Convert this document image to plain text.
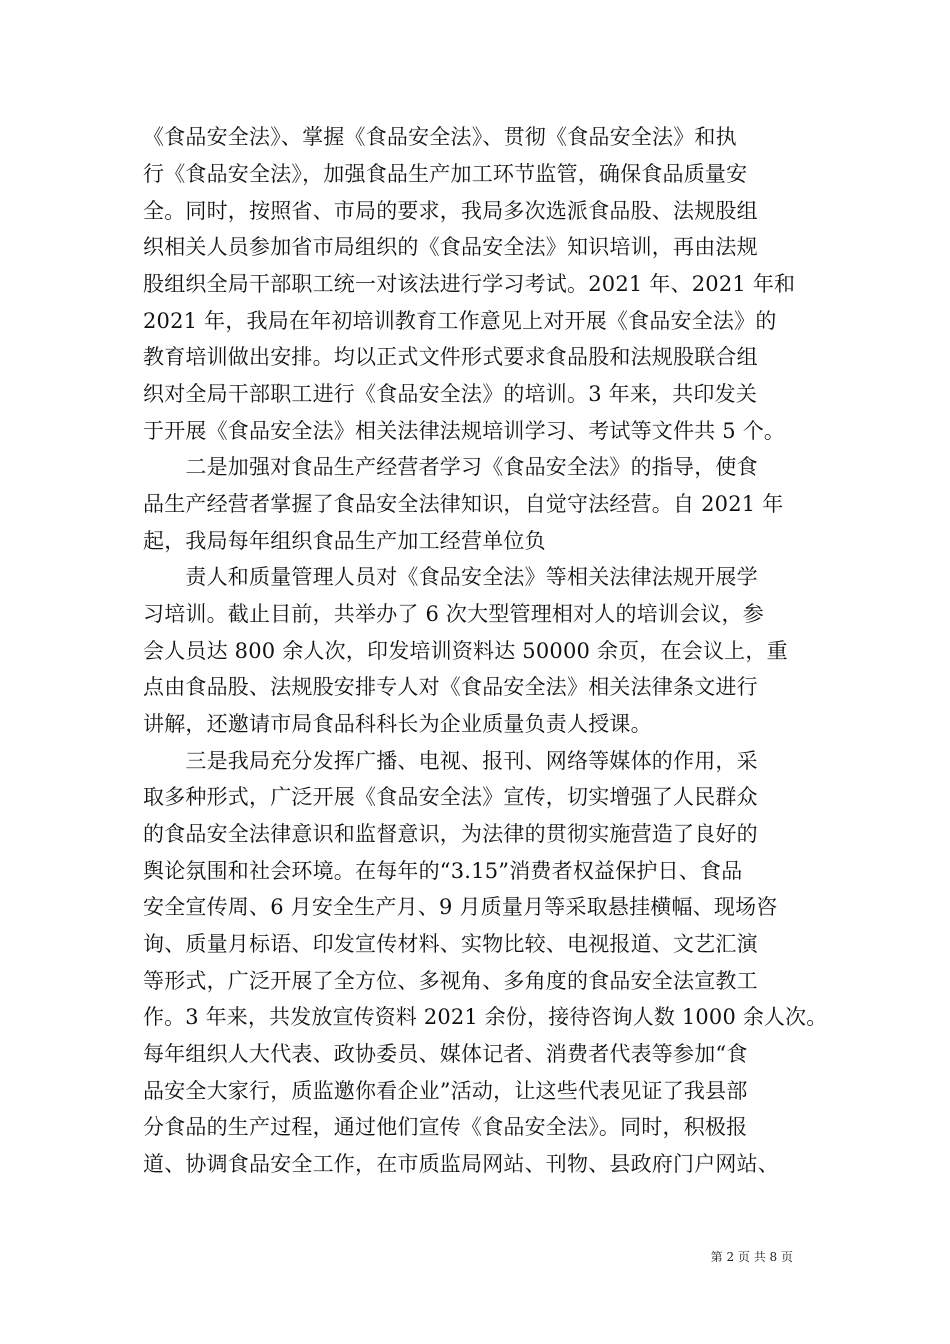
《食品安全法》、掌握《食品安全法》、贯彻《食品安全法》和执
行《食品安全法》，加强食品生产加工环节监管，确保食品质量安
全。同时，按照省、市局的要求，我局多次选派食品股、法规股组
织相关人员参加省市局组织的《食品安全法》知识培训，再由法规
股组织全局干部职工统一对该法进行学习考试。2021 年、2021 年和
2021 年，我局在年初培训教育工作意见上对开展《食品安全法》的
教育培训做出安排。均以正式文件形式要求食品股和法规股联合组
织对全局干部职工进行《食品安全法》的培训。3 年来，共印发关
于开展《食品安全法》相关法律法规培训学习、考试等文件共 5 个。
　　二是加强对食品生产经营者学习《食品安全法》的指导，使食
品生产经营者掌握了食品安全法律知识，自觉守法经营。自 2021 年
起，我局每年组织食品生产加工经营单位负
　　责人和质量管理人员对《食品安全法》等相关法律法规开展学
习培训。截止目前，共举办了 6 次大型管理相对人的培训会议，参
会人员达 800 余人次，印发培训资料达 50000 余页，在会议上，重
点由食品股、法规股安排专人对《食品安全法》相关法律条文进行
讲解，还邀请市局食品科科长为企业质量负责人授课。
　　三是我局充分发挥广播、电视、报刊、网络等媒体的作用，采
取多种形式，广泛开展《食品安全法》宣传，切实增强了人民群众
的食品安全法律意识和监督意识，为法律的贯彻实施营造了良好的
舆论氛围和社会环境。在每年的“3.15”消费者权益保护日、食品
安全宣传周、6 月安全生产月、9 月质量月等采取悬挂横幅、现场咨
询、质量月标语、印发宣传材料、实物比较、电视报道、文艺汇演
等形式，广泛开展了全方位、多视角、多角度的食品安全法宣教工
作。3 年来，共发放宣传资料 2021 余份，接待咨询人数 1000 余人次。
每年组织人大代表、政协委员、媒体记者、消费者代表等参加“食
品安全大家行，质监邀你看企业”活动，让这些代表见证了我县部
分食品的生产过程，通过他们宣传《食品安全法》。同时，积极报
道、协调食品安全工作，在市质监局网站、刊物、县政府门户网站、
第 2 页 共 8 页
